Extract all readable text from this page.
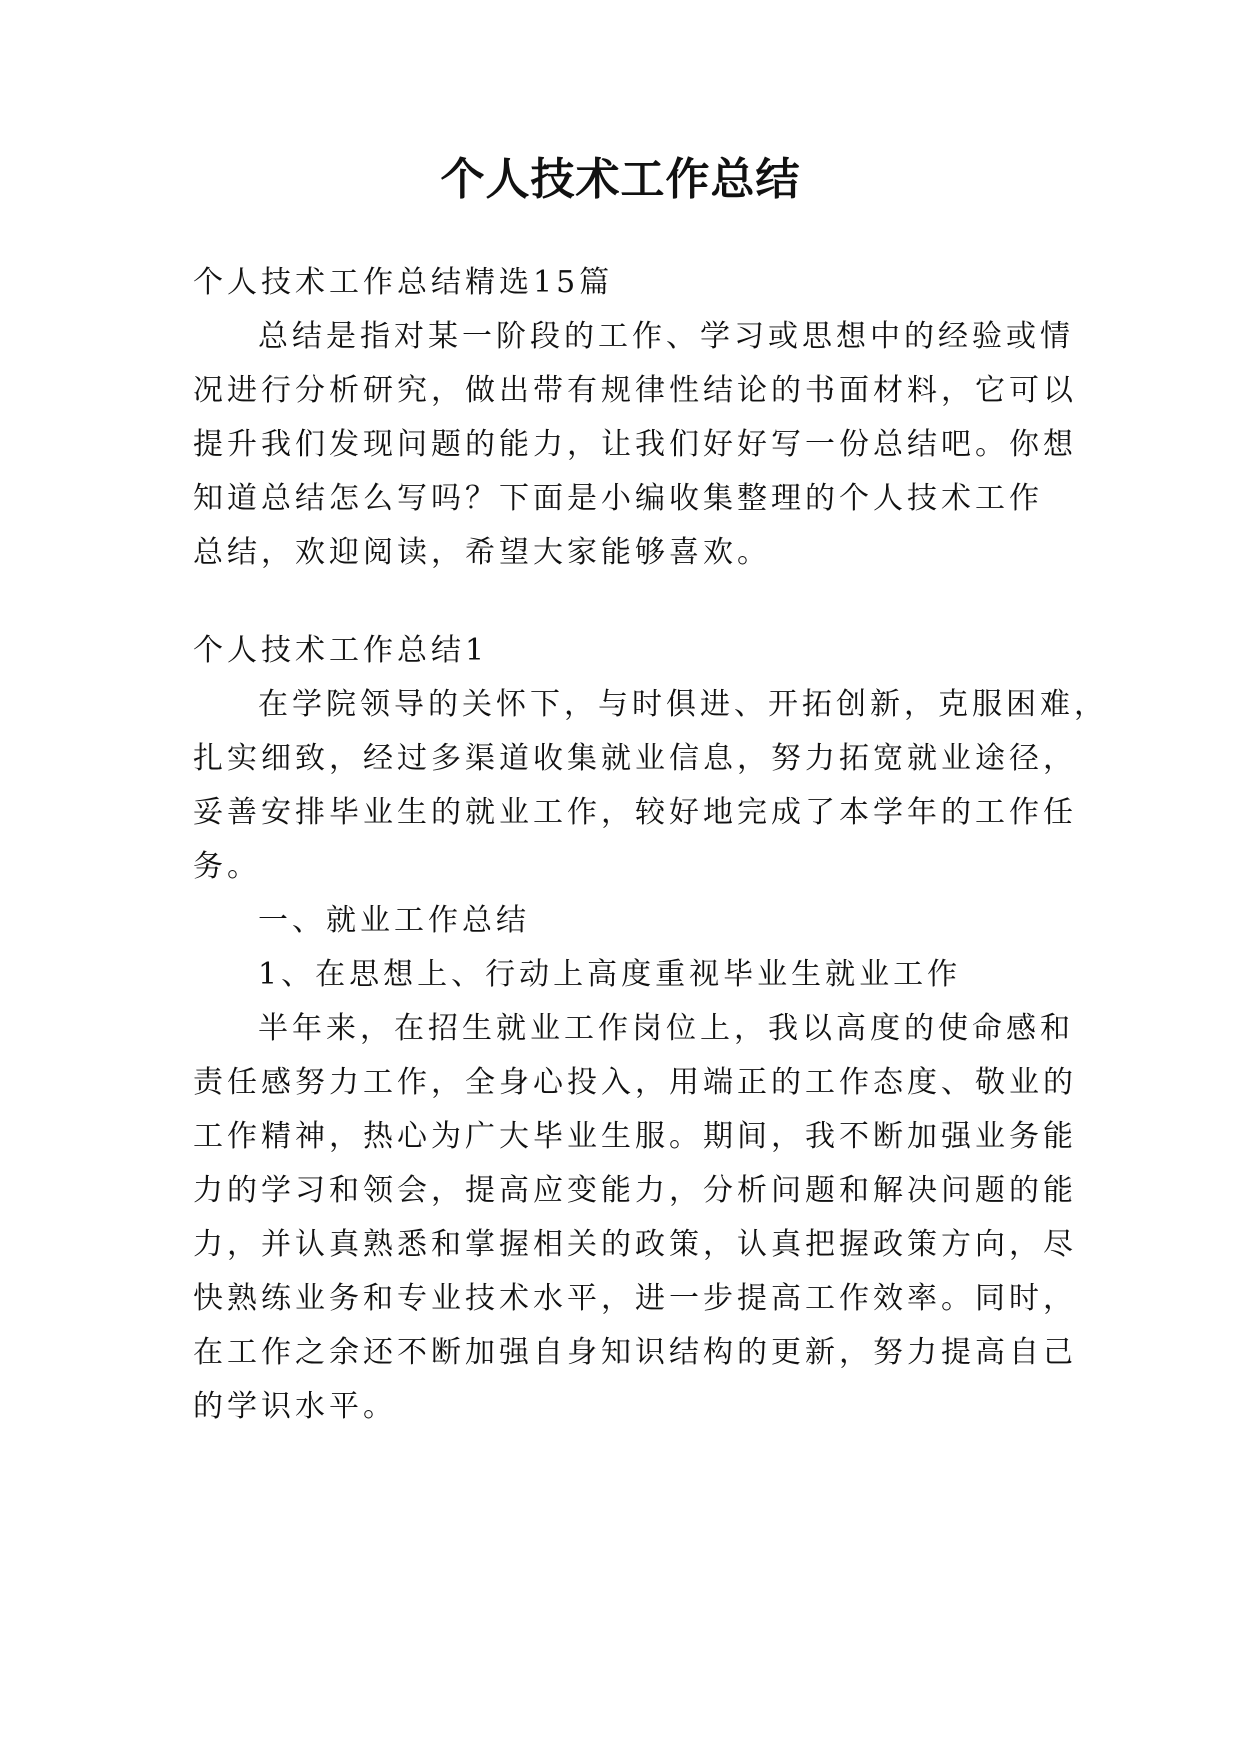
个人技术工作总结

个人技术工作总结精选15篇

总结是指对某一阶段的工作、学习或思想中的经验或情

况进行分析研究，做出带有规律性结论的书面材料，它可以

提升我们发现问题的能力，让我们好好写一份总结吧。你想

知道总结怎么写吗？下面是小编收集整理的个人技术工作

总结，欢迎阅读，希望大家能够喜欢。

个人技术工作总结1

在学院领导的关怀下，与时俱进、开拓创新，克服困难，

扎实细致，经过多渠道收集就业信息，努力拓宽就业途径，

妥善安排毕业生的就业工作，较好地完成了本学年的工作任

务。

一、就业工作总结

1、在思想上、行动上高度重视毕业生就业工作

半年来，在招生就业工作岗位上，我以高度的使命感和

责任感努力工作，全身心投入，用端正的工作态度、敬业的

工作精神，热心为广大毕业生服。期间，我不断加强业务能

力的学习和领会，提高应变能力，分析问题和解决问题的能

力，并认真熟悉和掌握相关的政策，认真把握政策方向，尽

快熟练业务和专业技术水平，进一步提高工作效率。同时，

在工作之余还不断加强自身知识结构的更新，努力提高自己

的学识水平。
